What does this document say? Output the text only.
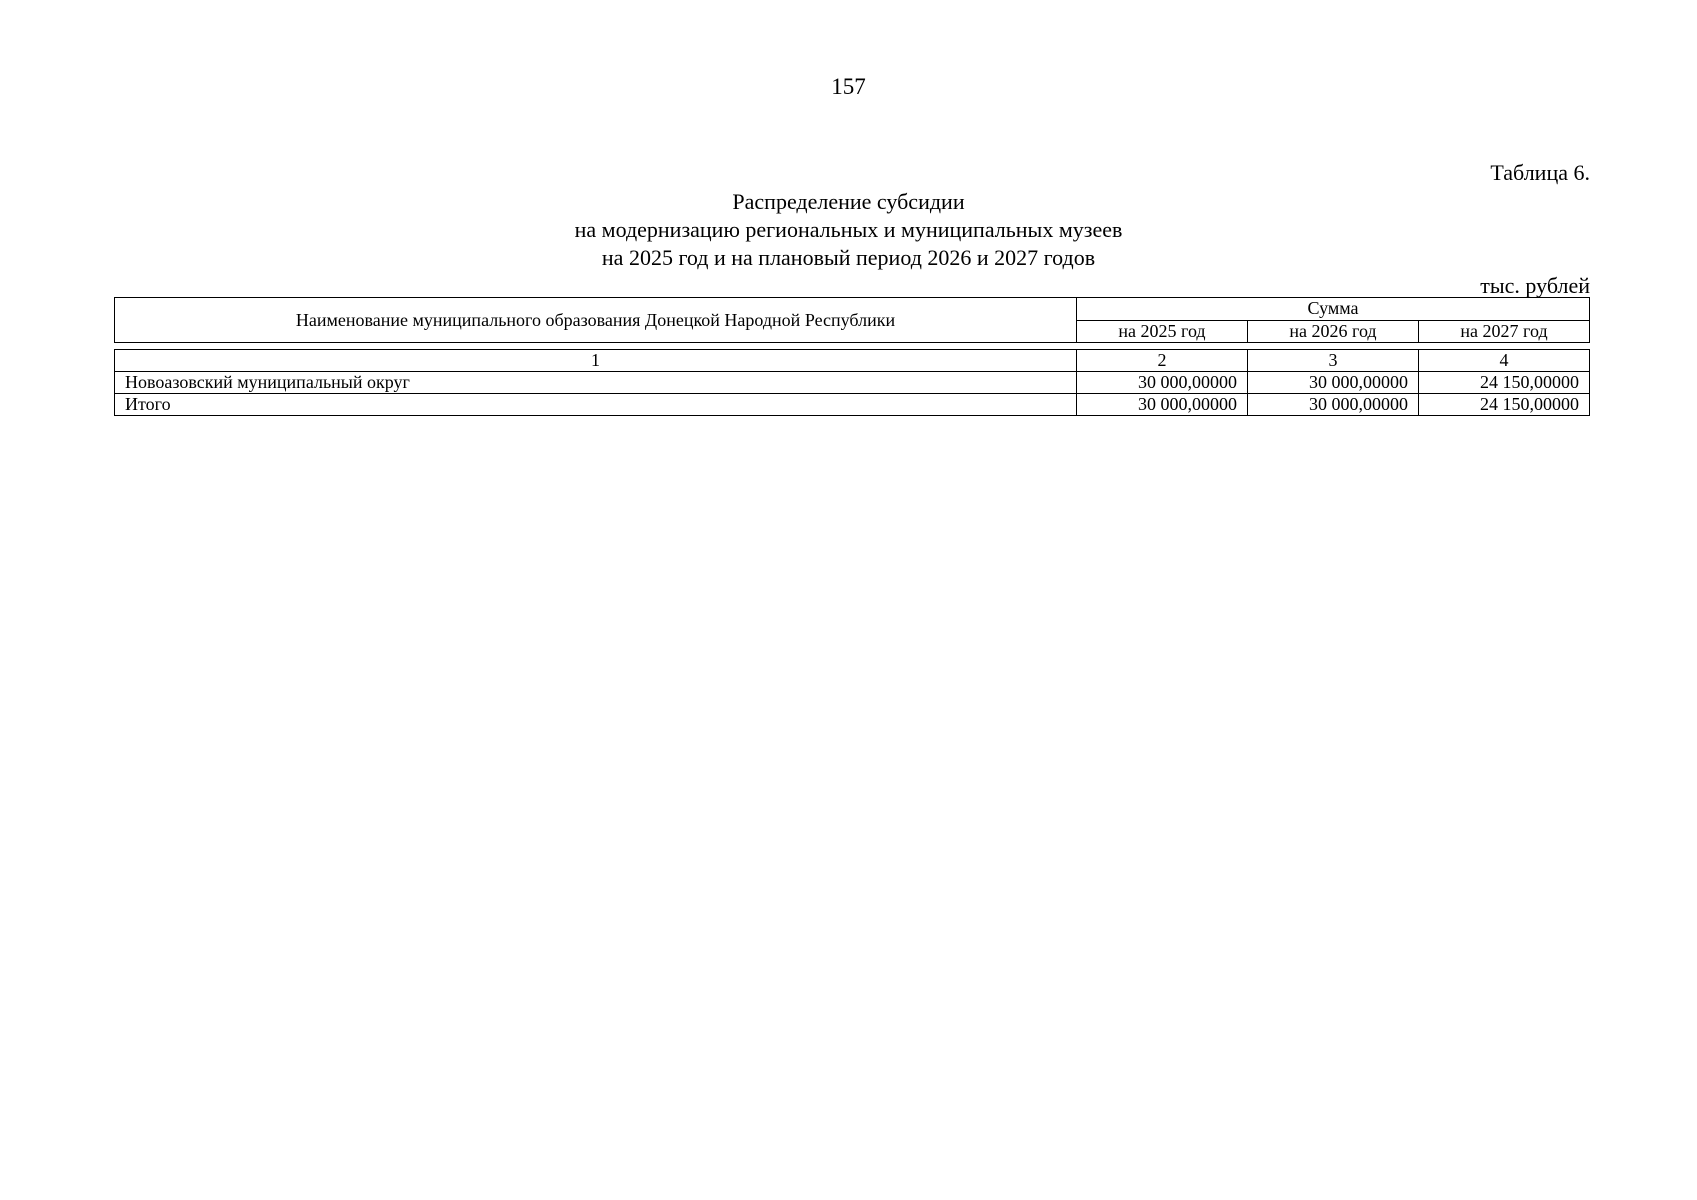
157
Таблица 6.
Распределение субсидии
на модернизацию региональных и муниципальных музеев
на 2025 год и на плановый период 2026 и 2027 годов
тыс. рублей
Наименование муниципального образования Донецкой Народной Республики	Сумма		
	на 2025 год	на 2026 год	на 2027 год
1	2	3	4
Новоазовский муниципальный округ	30 000,00000	30 000,00000	24 150,00000
Итого	30 000,00000	30 000,00000	24 150,00000
